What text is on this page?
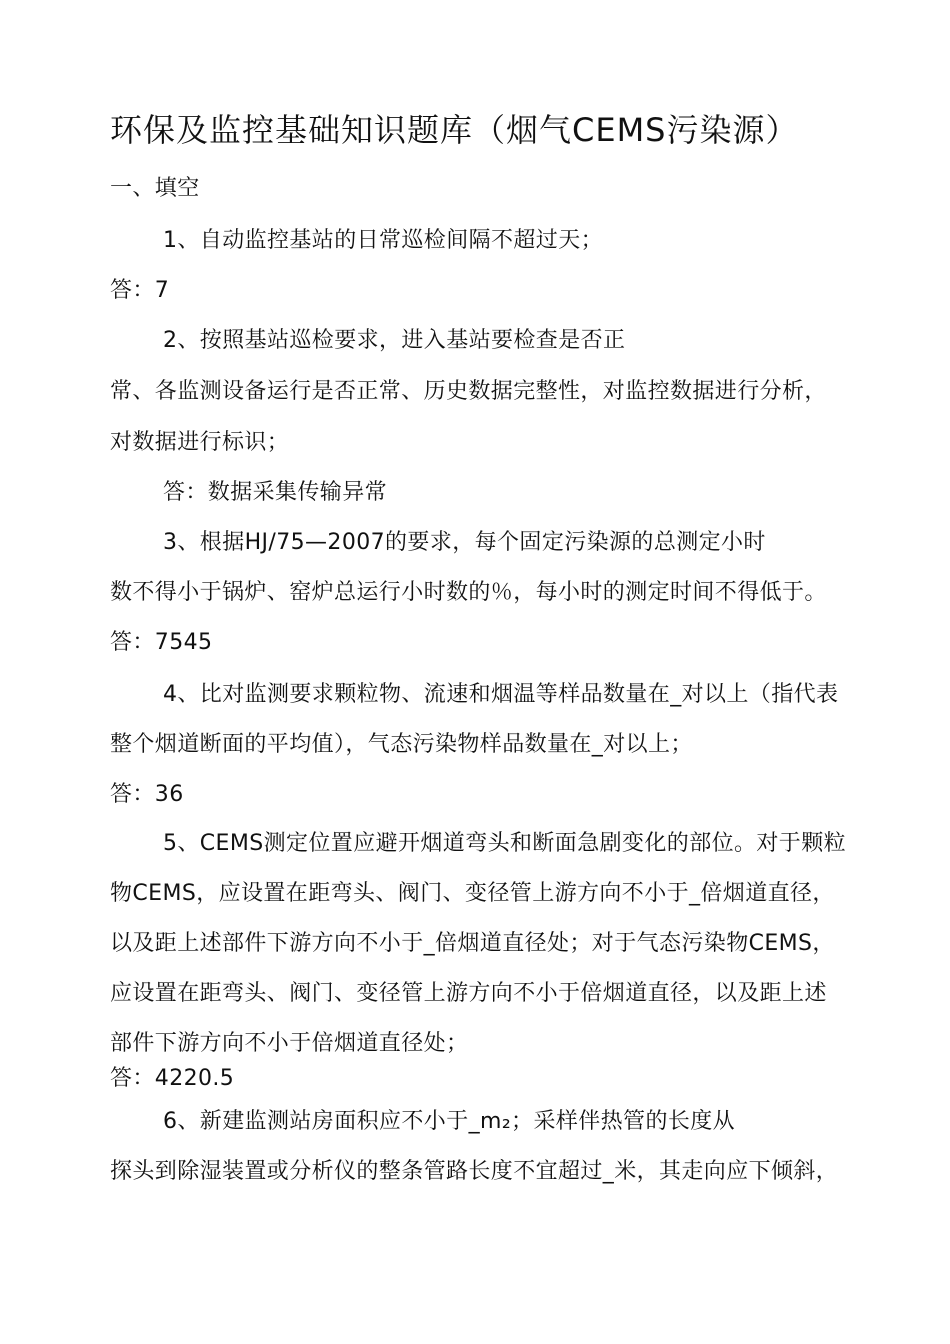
环保及监控基础知识题库（烟气CEMS污染源）
一、填空
1、自动监控基站的日常巡检间隔不超过天；
答：7
2、按照基站巡检要求，进入基站要检查是否正
常、各监测设备运行是否正常、历史数据完整性，对监控数据进行分析，
对数据进行标识；
答：数据采集传输异常
3、根据HJ/75—2007的要求，每个固定污染源的总测定小时
数不得小于锅炉、窑炉总运行小时数的％，每小时的测定时间不得低于。
答：7545
4、比对监测要求颗粒物、流速和烟温等样品数量在_对以上（指代表
整个烟道断面的平均值），气态污染物样品数量在_对以上；
答：36
5、CEMS测定位置应避开烟道弯头和断面急剧变化的部位。对于颗粒
物CEMS，应设置在距弯头、阀门、变径管上游方向不小于_倍烟道直径，
以及距上述部件下游方向不小于_倍烟道直径处；对于气态污染物CEMS，
应设置在距弯头、阀门、变径管上游方向不小于倍烟道直径，以及距上述
部件下游方向不小于倍烟道直径处；
答：4220.5
6、新建监测站房面积应不小于_m₂；采样伴热管的长度从
探头到除湿装置或分析仪的整条管路长度不宜超过_米，其走向应下倾斜，
